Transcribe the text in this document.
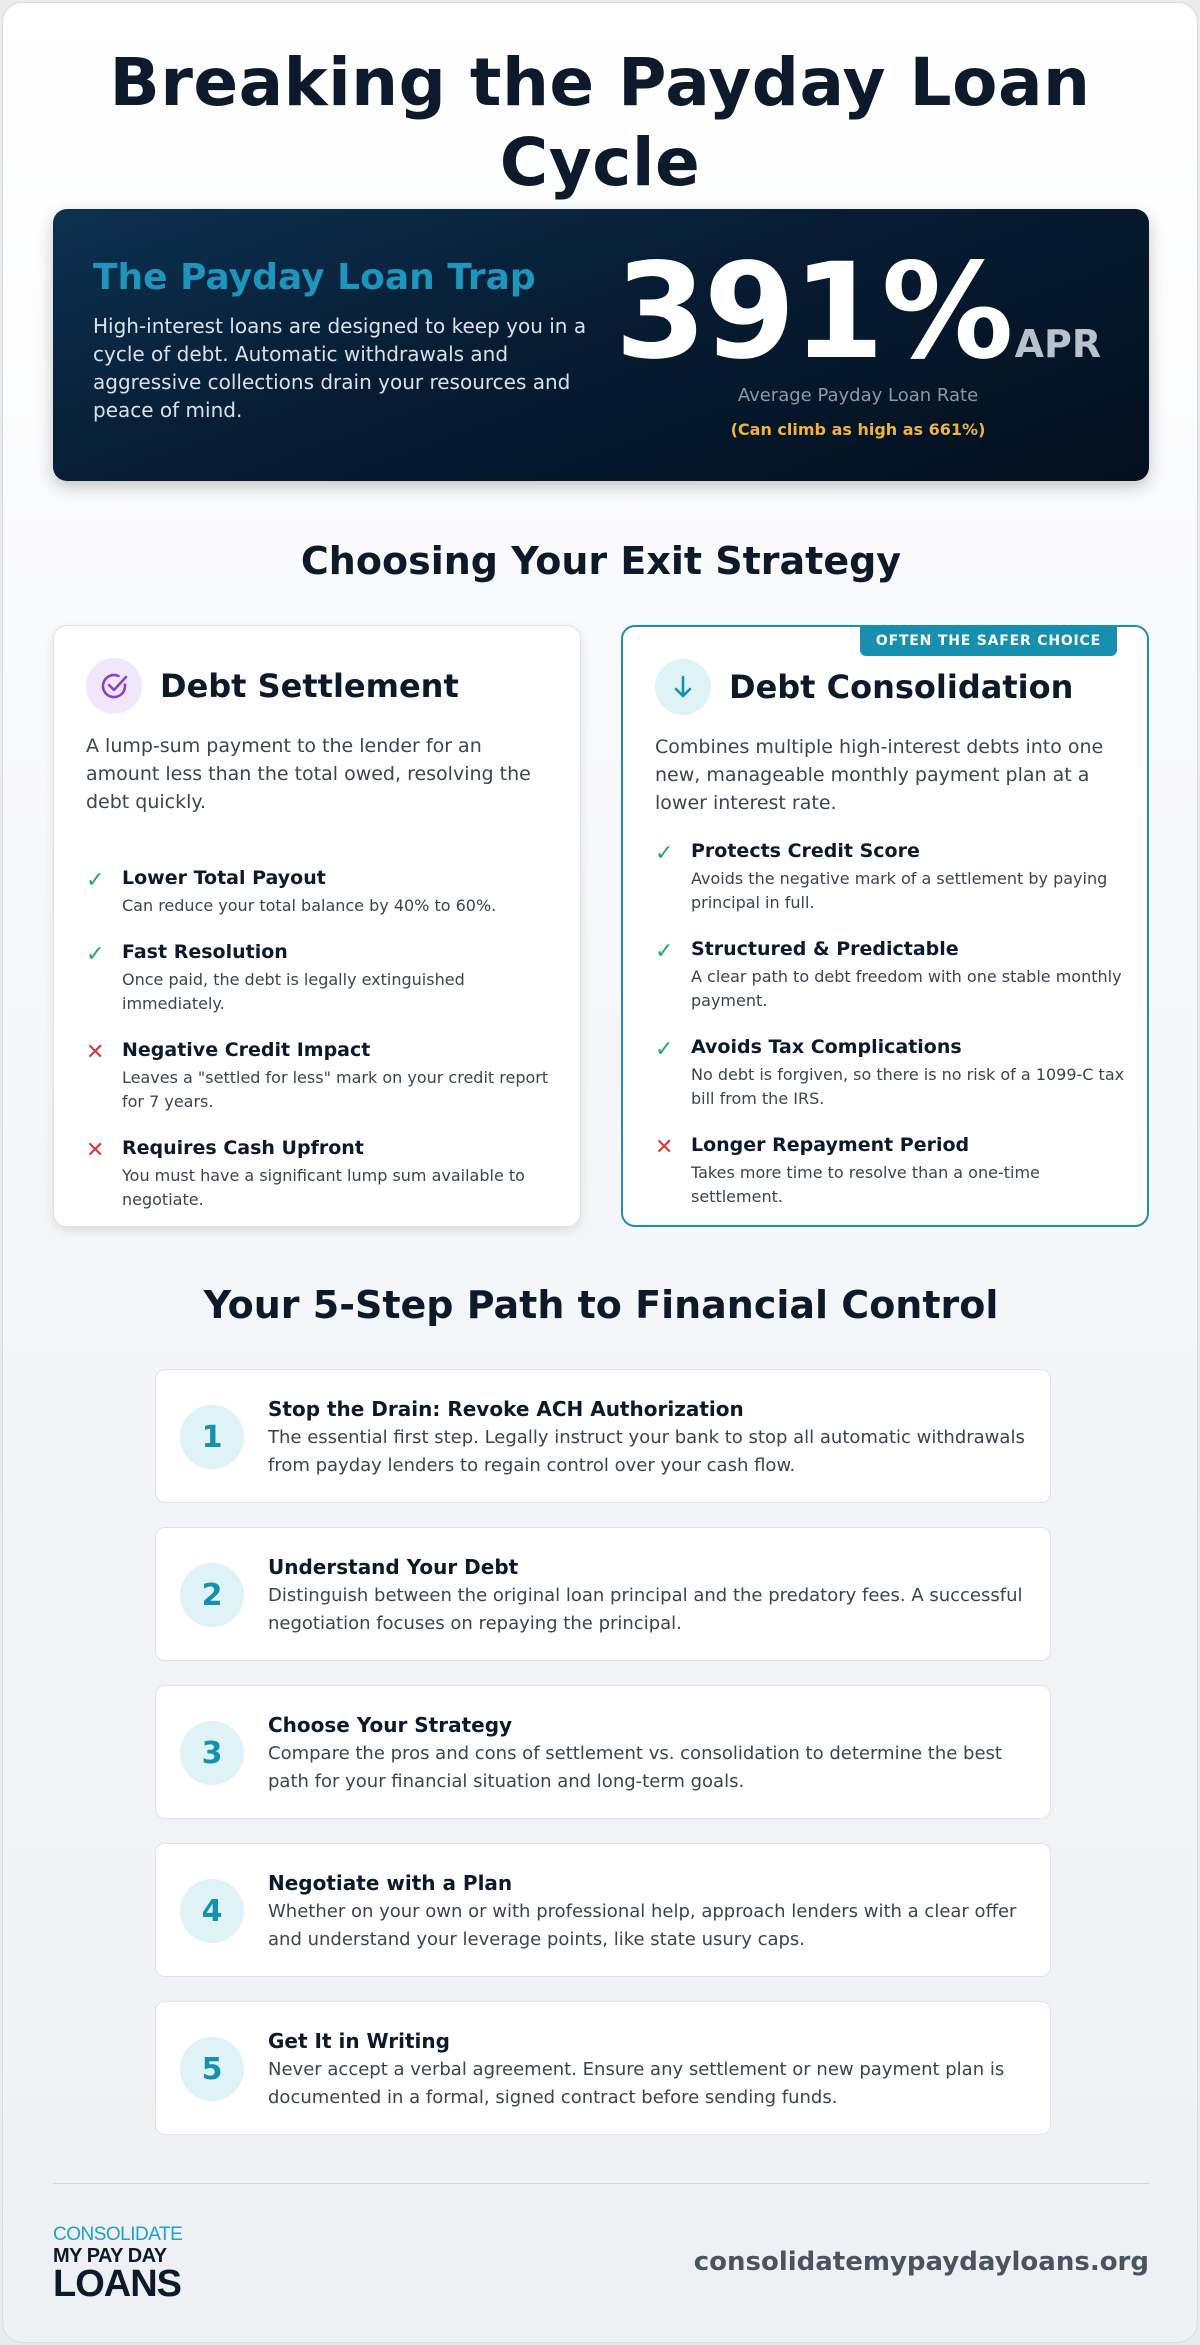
Breaking the Payday Loan Cycle
The Payday Loan Trap
High-interest loans are designed to keep you in a cycle of debt. Automatic withdrawals and aggressive collections drain your resources and peace of mind.
391% APR
Average Payday Loan Rate
(Can climb as high as 661%)
Choosing Your Exit Strategy
Debt Settlement
A lump-sum payment to the lender for an amount less than the total owed, resolving the debt quickly.
✓ Lower Total Payout
Can reduce your total balance by 40% to 60%.
✓ Fast Resolution
Once paid, the debt is legally extinguished immediately.
✕ Negative Credit Impact
Leaves a "settled for less" mark on your credit report for 7 years.
✕ Requires Cash Upfront
You must have a significant lump sum available to negotiate.
OFTEN THE SAFER CHOICE
Debt Consolidation
Combines multiple high-interest debts into one new, manageable monthly payment plan at a lower interest rate.
✓ Protects Credit Score
Avoids the negative mark of a settlement by paying principal in full.
✓ Structured & Predictable
A clear path to debt freedom with one stable monthly payment.
✓ Avoids Tax Complications
No debt is forgiven, so there is no risk of a 1099-C tax bill from the IRS.
✕ Longer Repayment Period
Takes more time to resolve than a one-time settlement.
Your 5-Step Path to Financial Control
1
Stop the Drain: Revoke ACH Authorization
The essential first step. Legally instruct your bank to stop all automatic withdrawals from payday lenders to regain control over your cash flow.
2
Understand Your Debt
Distinguish between the original loan principal and the predatory fees. A successful negotiation focuses on repaying the principal.
3
Choose Your Strategy
Compare the pros and cons of settlement vs. consolidation to determine the best path for your financial situation and long-term goals.
4
Negotiate with a Plan
Whether on your own or with professional help, approach lenders with a clear offer and understand your leverage points, like state usury caps.
5
Get It in Writing
Never accept a verbal agreement. Ensure any settlement or new payment plan is documented in a formal, signed contract before sending funds.
CONSOLIDATE
MY PAY DAY
LOANS
consolidatemypaydayloans.org
